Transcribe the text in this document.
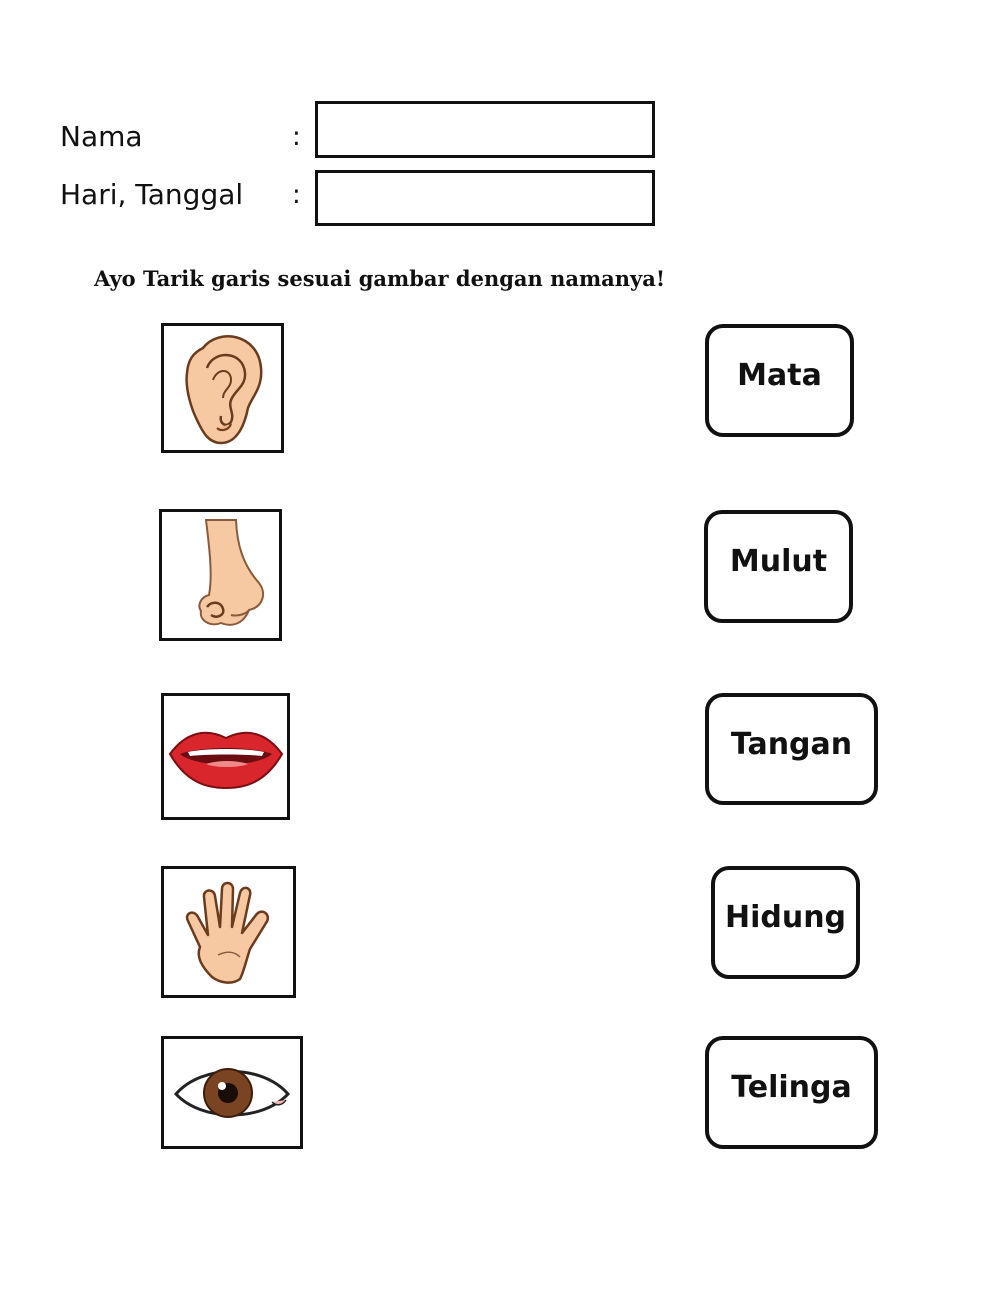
Nama	:
Hari, Tanggal :
Ayo Tarik garis sesuai gambar dengan namanya!
Mata
Mulut
Tangan
Hidung
Telinga
